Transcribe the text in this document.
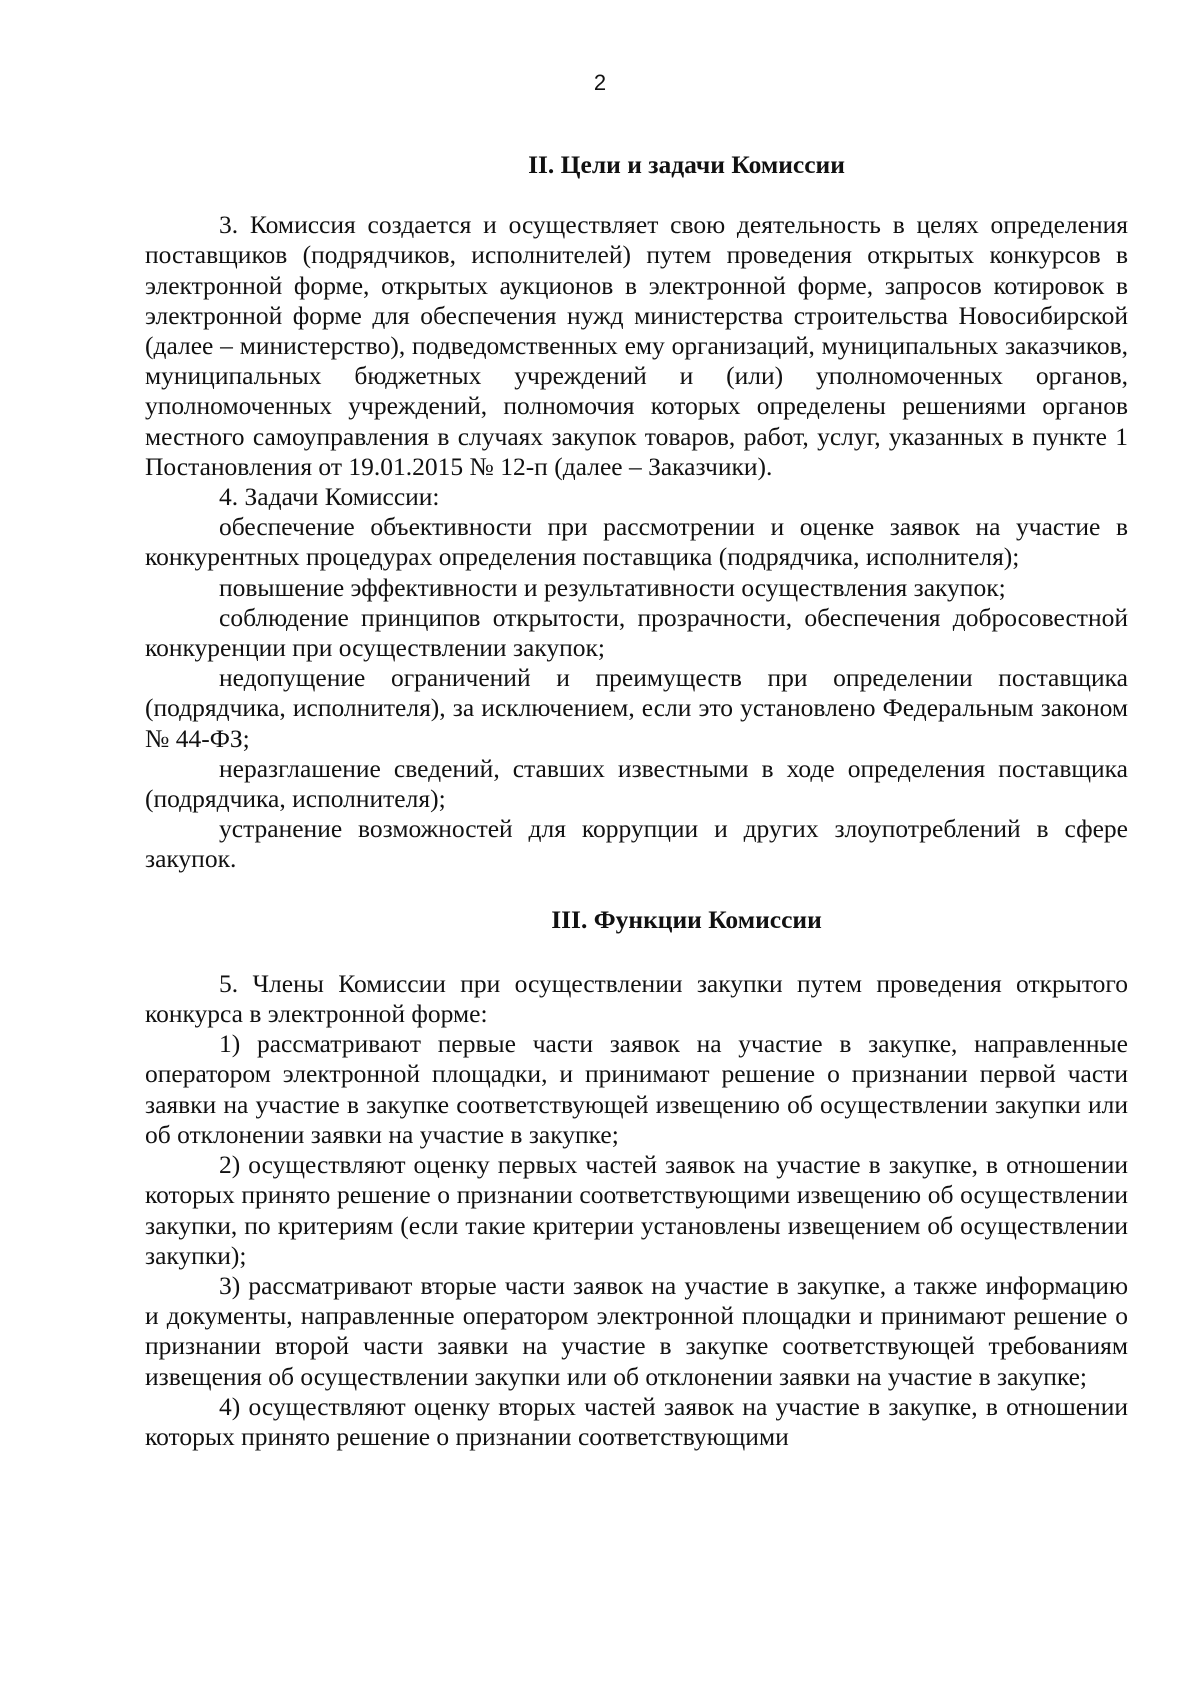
2
II. Цели и задачи Комиссии

3. Комиссия создается и осуществляет свою деятельность в целях определения поставщиков (подрядчиков, исполнителей) путем проведения открытых конкурсов в электронной форме, открытых аукционов в электронной форме, запросов котировок в электронной форме для обеспечения нужд министерства строительства Новосибирской (далее – министерство), подведомственных ему организаций, муниципальных заказчиков, муниципальных бюджетных учреждений и (или) уполномоченных органов, уполномоченных учреждений, полномочия которых определены решениями органов местного самоуправления в случаях закупок товаров, работ, услуг, указанных в пункте 1 Постановления от 19.01.2015 № 12-п (далее – Заказчики).

4. Задачи Комиссии:

обеспечение объективности при рассмотрении и оценке заявок на участие в конкурентных процедурах определения поставщика (подрядчика, исполнителя);

повышение эффективности и результативности осуществления закупок;

соблюдение принципов открытости, прозрачности, обеспечения добросовестной конкуренции при осуществлении закупок;

недопущение ограничений и преимуществ при определении поставщика (подрядчика, исполнителя), за исключением, если это установлено Федеральным законом № 44-ФЗ;

неразглашение сведений, ставших известными в ходе определения поставщика (подрядчика, исполнителя);

устранение возможностей для коррупции и других злоупотреблений в сфере закупок.

III. Функции Комиссии

5. Члены Комиссии при осуществлении закупки путем проведения открытого конкурса в электронной форме:

1) рассматривают первые части заявок на участие в закупке, направленные оператором электронной площадки, и принимают решение о признании первой части заявки на участие в закупке соответствующей извещению об осуществлении закупки или об отклонении заявки на участие в закупке;

2) осуществляют оценку первых частей заявок на участие в закупке, в отношении которых принято решение о признании соответствующими извещению об осуществлении закупки, по критериям (если такие критерии установлены извещением об осуществлении закупки);

3) рассматривают вторые части заявок на участие в закупке, а также информацию и документы, направленные оператором электронной площадки и принимают решение о признании второй части заявки на участие в закупке соответствующей требованиям извещения об осуществлении закупки или об отклонении заявки на участие в закупке;

4) осуществляют оценку вторых частей заявок на участие в закупке, в отношении которых принято решение о признании соответствующими
